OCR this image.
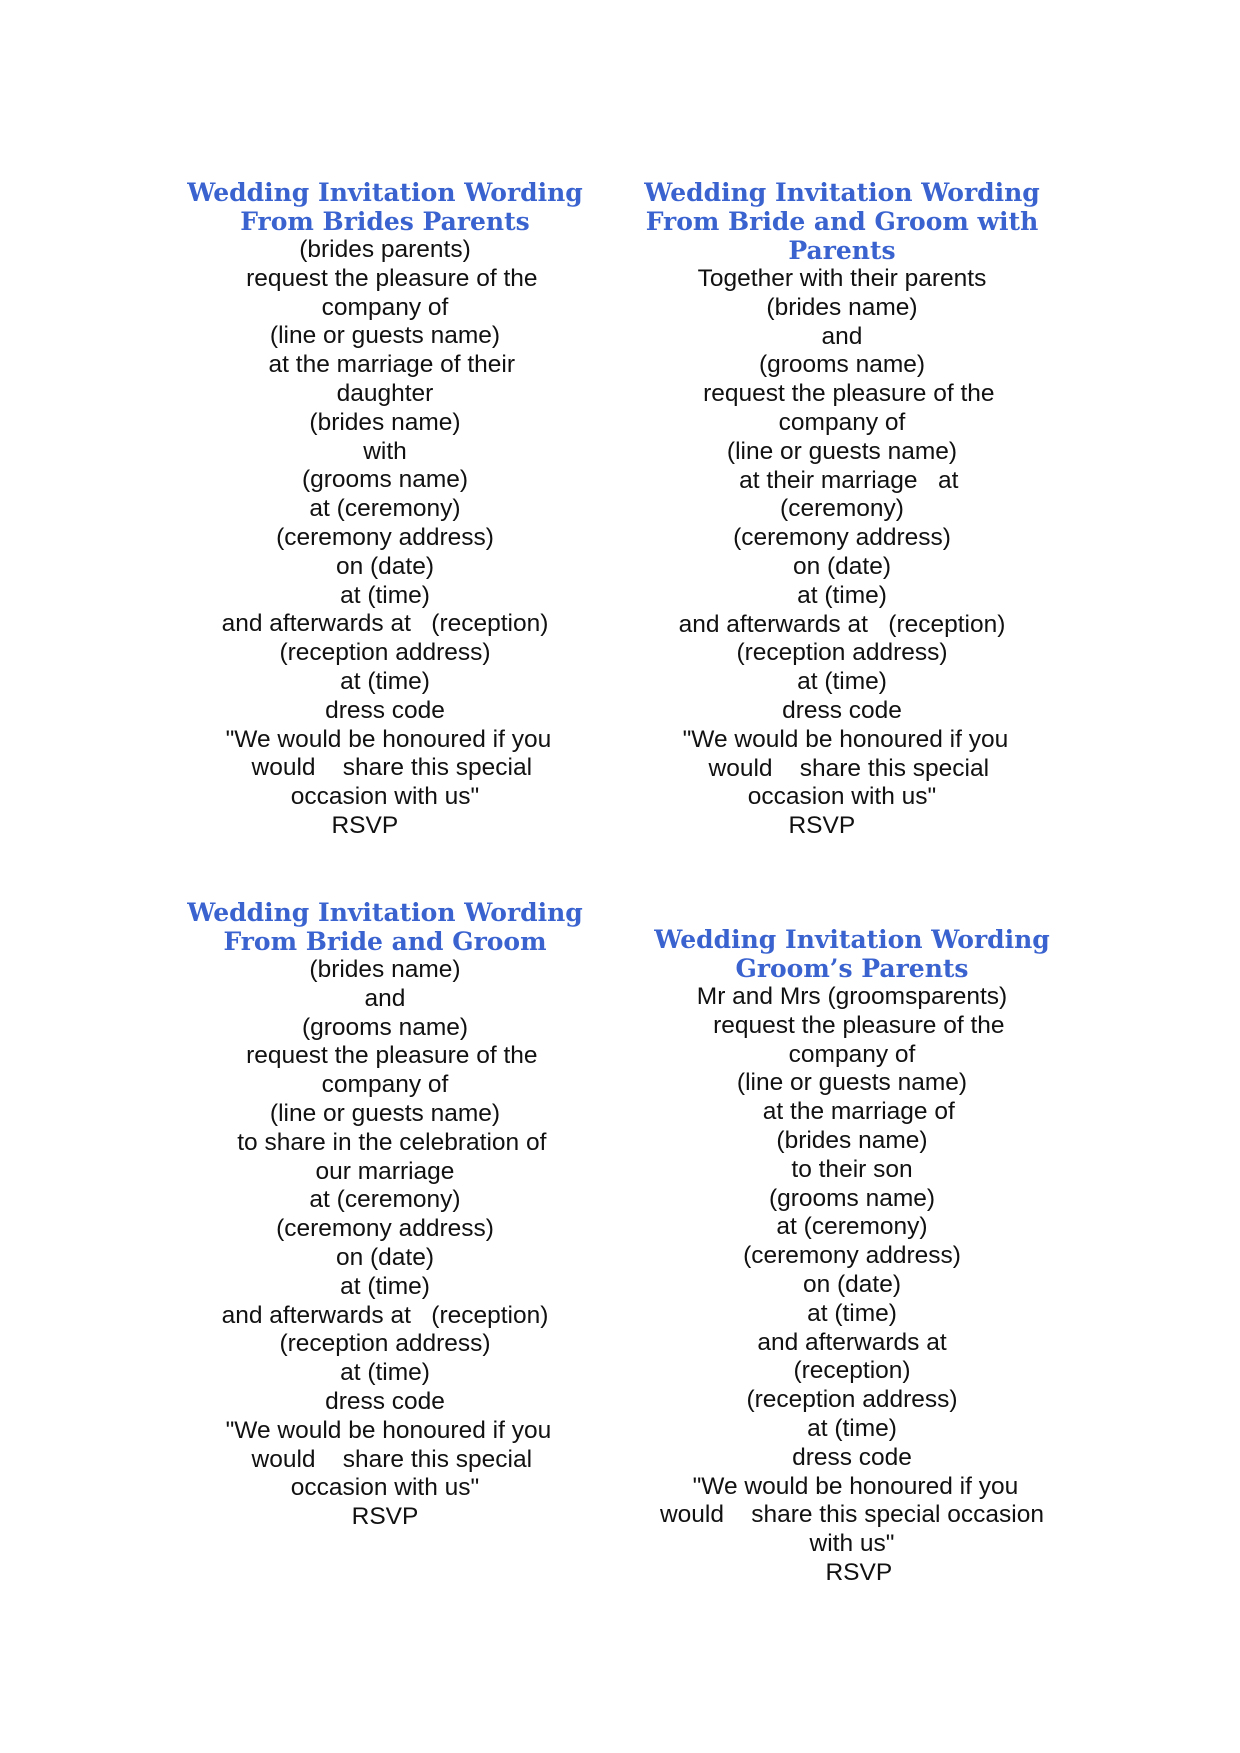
Wedding Invitation Wording
From Brides Parents
(brides parents)
request the pleasure of the
company of
(line or guests name)
at the marriage of their
daughter
(brides name)
with
(grooms name)
at (ceremony)
(ceremony address)
on (date)
at (time)
and afterwards at   (reception)
(reception address)
at (time)
dress code
"We would be honoured if you
would    share this special
occasion with us"
RSVP
Wedding Invitation Wording
From Bride and Groom with
Parents
Together with their parents
(brides name)
and
(grooms name)
request the pleasure of the
company of
(line or guests name)
at their marriage   at
(ceremony)
(ceremony address)
on (date)
at (time)
and afterwards at   (reception)
(reception address)
at (time)
dress code
"We would be honoured if you
would    share this special
occasion with us"
RSVP
Wedding Invitation Wording
From Bride and Groom
(brides name)
and
(grooms name)
request the pleasure of the
company of
(line or guests name)
to share in the celebration of
our marriage
at (ceremony)
(ceremony address)
on (date)
at (time)
and afterwards at   (reception)
(reception address)
at (time)
dress code
"We would be honoured if you
would    share this special
occasion with us"
RSVP
Wedding Invitation Wording
Groom’s Parents
Mr and Mrs (groomsparents)
request the pleasure of the
company of
(line or guests name)
at the marriage of
(brides name)
to their son
(grooms name)
at (ceremony)
(ceremony address)
on (date)
at (time)
and afterwards at
(reception)
(reception address)
at (time)
dress code
"We would be honoured if you
would    share this special occasion
with us"
RSVP
